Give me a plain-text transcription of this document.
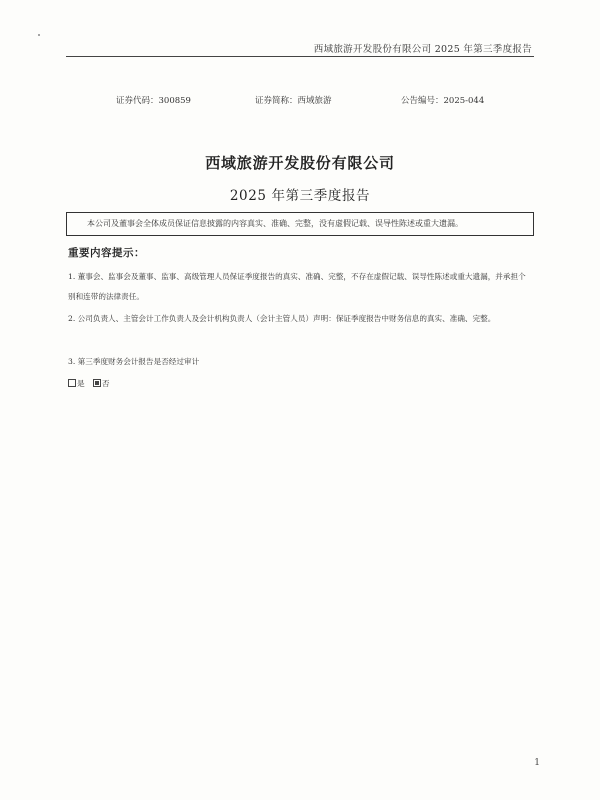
西域旅游开发股份有限公司 2025 年第三季度报告
证券代码：300859	证券简称：西域旅游	公告编号：2025-044
西域旅游开发股份有限公司
2025 年第三季度报告
本公司及董事会全体成员保证信息披露的内容真实、准确、完整，没有虚假记载、误导性陈述或重大遗漏。
重要内容提示：
1. 董事会、监事会及董事、监事、高级管理人员保证季度报告的真实、准确、完整，不存在虚假记载、误导性陈述或重大遗漏，并承担个别和连带的法律责任。
2. 公司负责人、主管会计工作负责人及会计机构负责人（会计主管人员）声明：保证季度报告中财务信息的真实、准确、完整。
3. 第三季度财务会计报告是否经过审计
是 否
1
